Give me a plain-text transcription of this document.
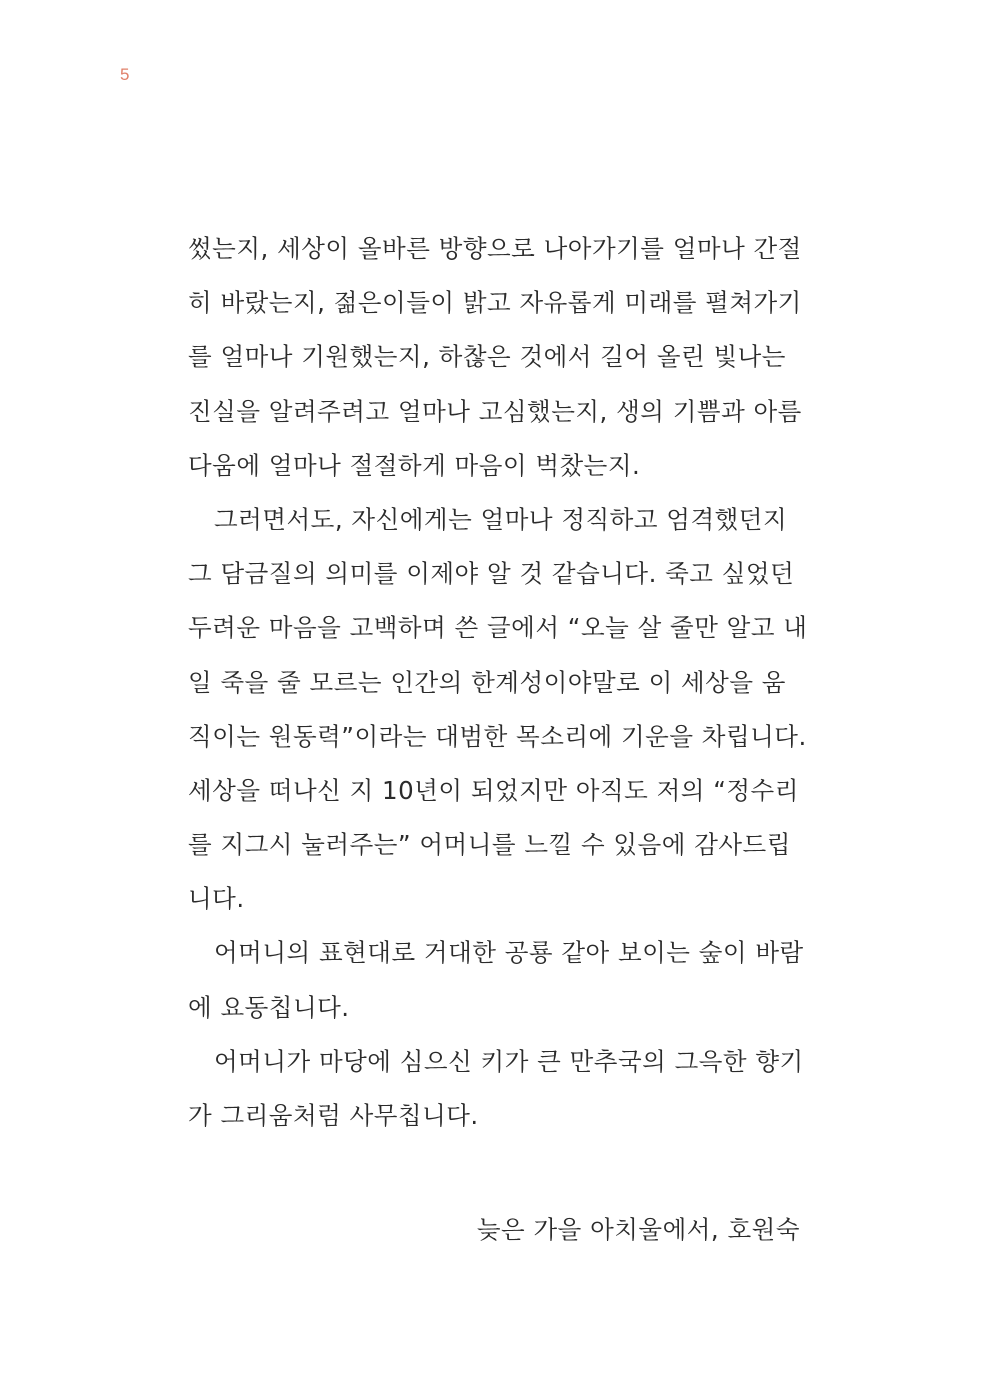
5
썼는지, 세상이 올바른 방향으로 나아가기를 얼마나 간절
히 바랐는지, 젊은이들이 밝고 자유롭게 미래를 펼쳐가기
를 얼마나 기원했는지, 하찮은 것에서 길어 올린 빛나는
진실을 알려주려고 얼마나 고심했는지, 생의 기쁨과 아름
다움에 얼마나 절절하게 마음이 벅찼는지.
그러면서도, 자신에게는 얼마나 정직하고 엄격했던지
그 담금질의 의미를 이제야 알 것 같습니다. 죽고 싶었던
두려운 마음을 고백하며 쓴 글에서 “오늘 살 줄만 알고 내
일 죽을 줄 모르는 인간의 한계성이야말로 이 세상을 움
직이는 원동력”이라는 대범한 목소리에 기운을 차립니다.
세상을 떠나신 지 10년이 되었지만 아직도 저의 “정수리
를 지그시 눌러주는” 어머니를 느낄 수 있음에 감사드립
니다.
어머니의 표현대로 거대한 공룡 같아 보이는 숲이 바람
에 요동칩니다.
어머니가 마당에 심으신 키가 큰 만추국의 그윽한 향기
가 그리움처럼 사무칩니다.
늦은 가을 아치울에서, 호원숙
